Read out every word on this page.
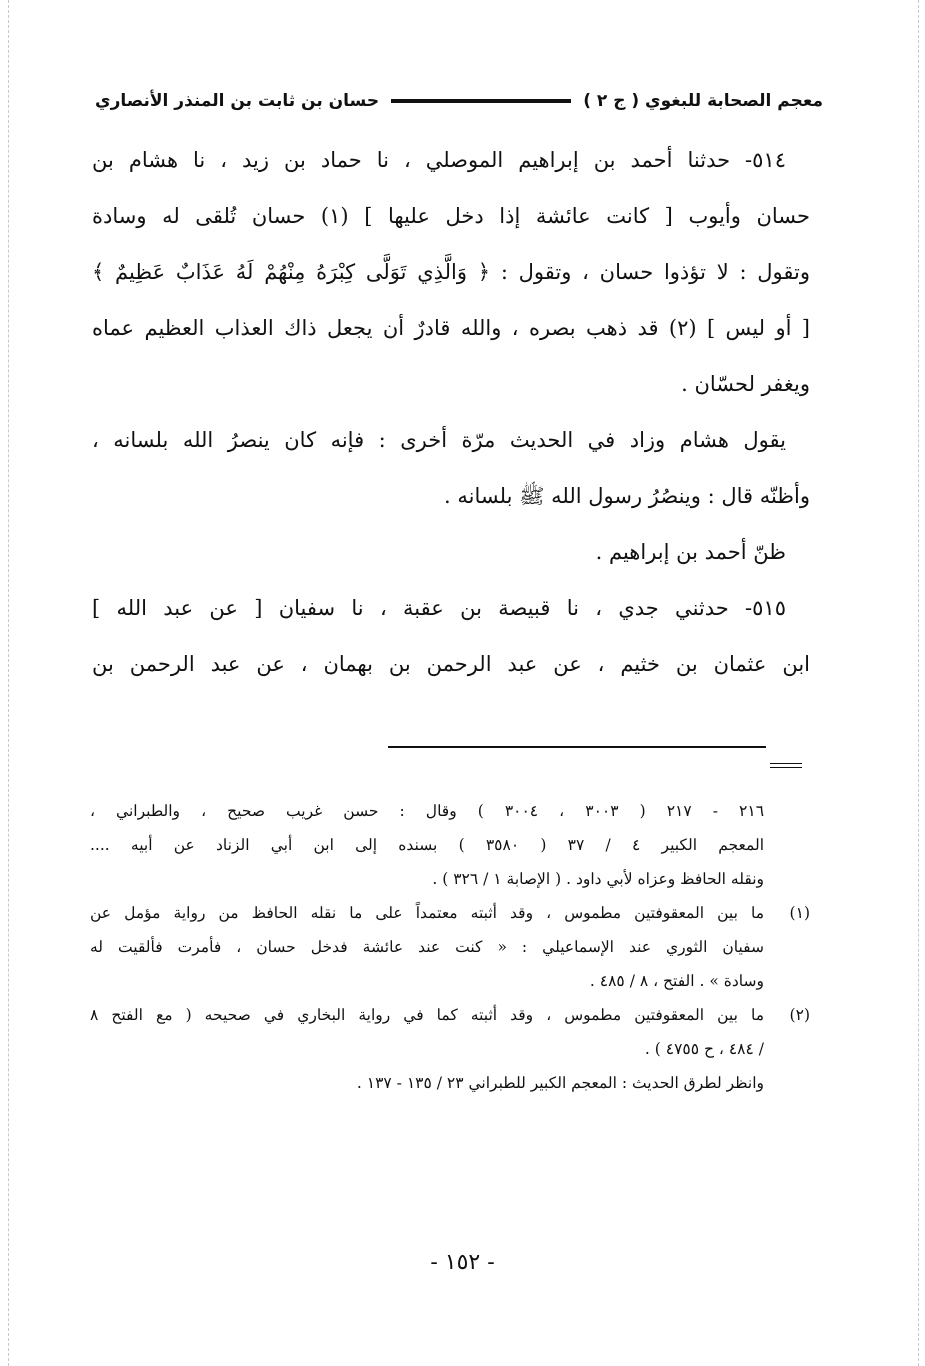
معجم الصحابة للبغوي ( ج ٢ )
حسان بن ثابت بن المنذر الأنصاري
٥١٤- حدثنا أحمد بن إبراهيم الموصلي ، نا حماد بن زيد ، نا هشام بن
حسان وأيوب [ كانت عائشة إذا دخل عليها ] (١) حسان تُلقى له وسادة
وتقول : لا تؤذوا حسان ، وتقول : ﴿ وَالَّذِي تَوَلَّى كِبْرَهُ مِنْهُمْ لَهُ عَذَابٌ عَظِيمٌ ﴾
[ أو ليس ] (٢) قد ذهب بصره ، والله قادرٌ أن يجعل ذاك العذاب العظيم عماه
ويغفر لحسّان .
يقول هشام وزاد في الحديث مرّة أخرى : فإنه كان ينصرُ الله بلسانه ،
وأظنّه قال : وينصُرُ رسول الله ﷺ بلسانه .
ظنّ أحمد بن إبراهيم .
٥١٥- حدثني جدي ، نا قبيصة بن عقبة ، نا سفيان [ عن عبد الله ]
ابن عثمان بن خثيم ، عن عبد الرحمن بن بهمان ، عن عبد الرحمن بن
٢١٦ - ٢١٧ ( ٣٠٠٣ ، ٣٠٠٤ ) وقال : حسن غريب صحيح ، والطبراني ،
المعجم الكبير ٤ / ٣٧ ( ٣٥٨٠ ) بسنده إلى ابن أبي الزناد عن أبيه ....
ونقله الحافظ وعزاه لأبي داود . ( الإصابة ١ / ٣٢٦ ) .
(١)
ما بين المعقوفتين مطموس ، وقد أثبته معتمداً على ما نقله الحافظ من رواية مؤمل عن
سفيان الثوري عند الإسماعيلي : « كنت عند عائشة فدخل حسان ، فأمرت فألقيت له
وسادة » . الفتح ، ٨ / ٤٨٥ .
(٢)
ما بين المعقوفتين مطموس ، وقد أثبته كما في رواية البخاري في صحيحه ( مع الفتح ٨
/ ٤٨٤ ، ح ٤٧٥٥ ) .
وانظر لطرق الحديث : المعجم الكبير للطبراني ٢٣ / ١٣٥ - ١٣٧ .
- ١٥٢ -
